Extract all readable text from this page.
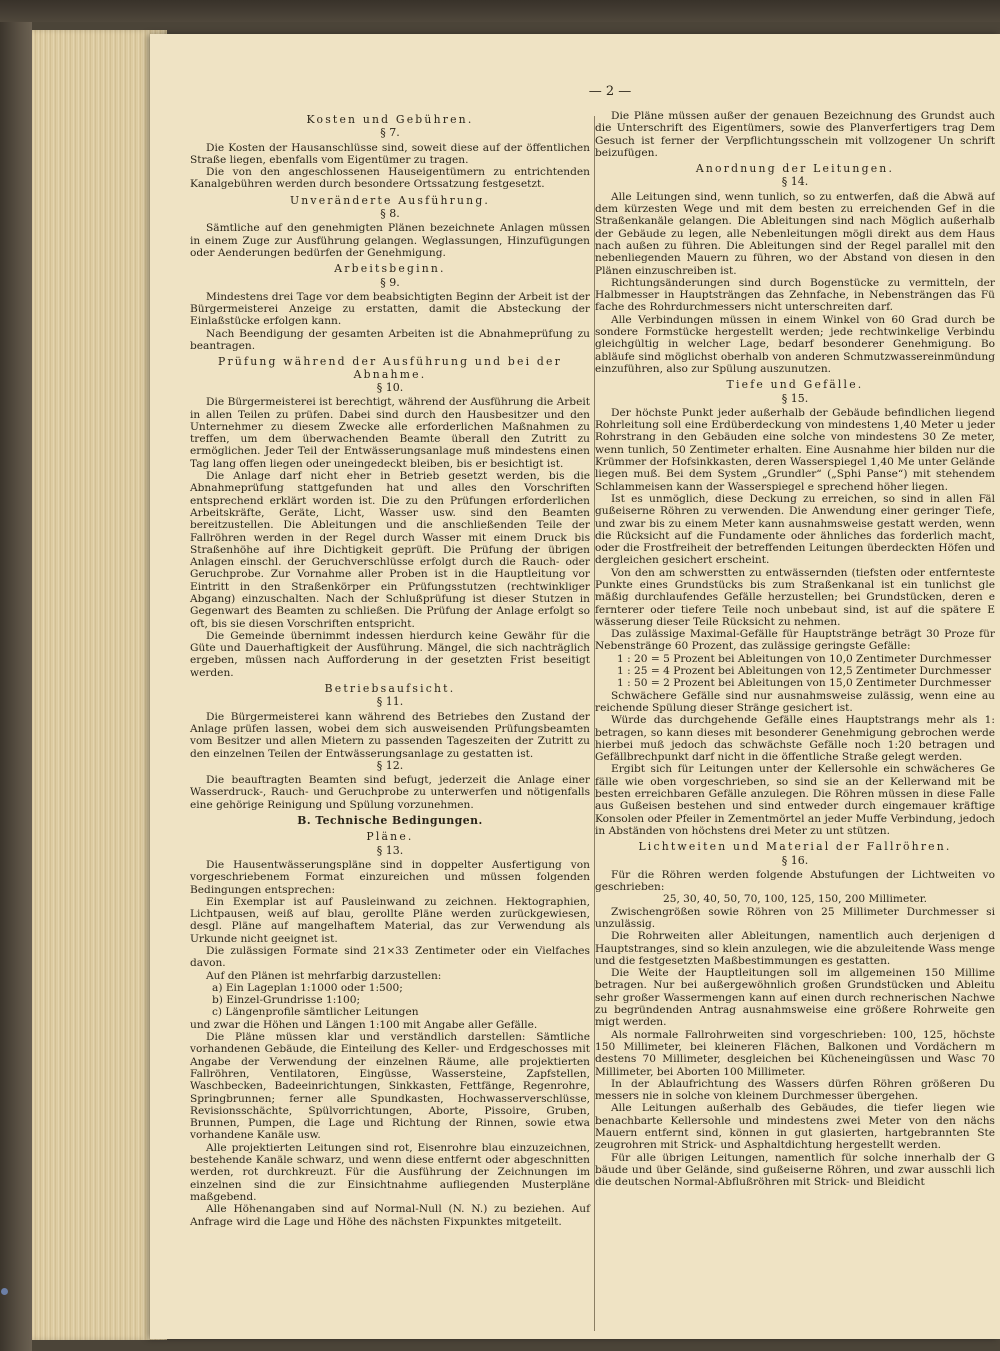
— 2 —
Kosten und Gebühren.
§ 7.

Die Kosten der Hausanschlüsse sind, soweit diese auf der öffentlichen Straße liegen, ebenfalls vom Eigentümer zu tragen.

Die von den angeschlossenen Hauseigentümern zu entrichtenden Kanalgebühren werden durch besondere Ortssatzung festgesetzt.

Unveränderte Ausführung.
§ 8.

Sämtliche auf den genehmigten Plänen bezeichnete Anlagen müssen in einem Zuge zur Ausführung gelangen. Weglassungen, Hinzufügungen oder Aenderungen bedürfen der Genehmigung.

Arbeitsbeginn.
§ 9.

Mindestens drei Tage vor dem beabsichtigten Beginn der Arbeit ist der Bürgermeisterei Anzeige zu erstatten, damit die Absteckung der Einlaßstücke erfolgen kann.

Nach Beendigung der gesamten Arbeiten ist die Abnahmeprüfung zu beantragen.

Prüfung während der Ausführung und bei der Abnahme.
§ 10.

Die Bürgermeisterei ist berechtigt, während der Ausführung die Arbeit in allen Teilen zu prüfen. Dabei sind durch den Hausbesitzer und den Unternehmer zu diesem Zwecke alle erforderlichen Maßnahmen zu treffen, um dem überwachenden Beamte überall den Zutritt zu ermöglichen. Jeder Teil der Entwässerungsanlage muß mindestens einen Tag lang offen liegen oder uneingedeckt bleiben, bis er besichtigt ist.

Die Anlage darf nicht eher in Betrieb gesetzt werden, bis die Abnahmeprüfung stattgefunden hat und alles den Vorschriften entsprechend erklärt worden ist. Die zu den Prüfungen erforderlichen Arbeitskräfte, Geräte, Licht, Wasser usw. sind den Beamten bereitzustellen. Die Ableitungen und die anschließenden Teile der Fallröhren werden in der Regel durch Wasser mit einem Druck bis Straßenhöhe auf ihre Dichtigkeit geprüft. Die Prüfung der übrigen Anlagen einschl. der Geruchverschlüsse erfolgt durch die Rauch- oder Geruchprobe. Zur Vornahme aller Proben ist in die Hauptleitung vor Eintritt in den Straßenkörper ein Prüfungsstutzen (rechtwinkliger Abgang) einzuschalten. Nach der Schlußprüfung ist dieser Stutzen in Gegenwart des Beamten zu schließen. Die Prüfung der Anlage erfolgt so oft, bis sie diesen Vorschriften entspricht.

Die Gemeinde übernimmt indessen hierdurch keine Gewähr für die Güte und Dauerhaftigkeit der Ausführung. Mängel, die sich nachträglich ergeben, müssen nach Aufforderung in der gesetzten Frist beseitigt werden.

Betriebsaufsicht.
§ 11.

Die Bürgermeisterei kann während des Betriebes den Zustand der Anlage prüfen lassen, wobei dem sich ausweisenden Prüfungsbeamten vom Besitzer und allen Mietern zu passenden Tageszeiten der Zutritt zu den einzelnen Teilen der Entwässerungsanlage zu gestatten ist.

§ 12.

Die beauftragten Beamten sind befugt, jederzeit die Anlage einer Wasserdruck-, Rauch- und Geruchprobe zu unterwerfen und nötigenfalls eine gehörige Reinigung und Spülung vorzunehmen.

B. Technische Bedingungen.
Pläne.
§ 13.

Die Hausentwässerungspläne sind in doppelter Ausfertigung von vorgeschriebenem Format einzureichen und müssen folgenden Bedingungen entsprechen:

Ein Exemplar ist auf Pausleinwand zu zeichnen. Hektographien, Lichtpausen, weiß auf blau, gerollte Pläne werden zurückgewiesen, desgl. Pläne auf mangelhaftem Material, das zur Verwendung als Urkunde nicht geeignet ist.

Die zulässigen Formate sind 21×33 Zentimeter oder ein Vielfaches davon.

Auf den Plänen ist mehrfarbig darzustellen:

a) Ein Lageplan 1:1000 oder 1:500;

b) Einzel-Grundrisse 1:100;

c) Längenprofile sämtlicher Leitungen

und zwar die Höhen und Längen 1:100 mit Angabe aller Gefälle.

Die Pläne müssen klar und verständlich darstellen: Sämtliche vorhandenen Gebäude, die Einteilung des Keller- und Erdgeschosses mit Angabe der Verwendung der einzelnen Räume, alle projektierten Fallröhren, Ventilatoren, Eingüsse, Wassersteine, Zapfstellen, Waschbecken, Badeeinrichtungen, Sinkkasten, Fettfänge, Regenrohre, Springbrunnen; ferner alle Spundkasten, Hochwasserverschlüsse, Revisionsschächte, Spülvorrichtungen, Aborte, Pissoire, Gruben, Brunnen, Pumpen, die Lage und Richtung der Rinnen, sowie etwa vorhandene Kanäle usw.

Alle projektierten Leitungen sind rot, Eisenrohre blau einzuzeichnen, bestehende Kanäle schwarz, und wenn diese entfernt oder abgeschnitten werden, rot durchkreuzt. Für die Ausführung der Zeichnungen im einzelnen sind die zur Einsichtnahme aufliegenden Musterpläne maßgebend.

Alle Höhenangaben sind auf Normal-Null (N. N.) zu beziehen. Auf Anfrage wird die Lage und Höhe des nächsten Fixpunktes mitgeteilt.

Die Pläne müssen außer der genauen Bezeichnung des Grundst auch die Unterschrift des Eigentümers, sowie des Planverfertigers trag Dem Gesuch ist ferner der Verpflichtungsschein mit vollzogener Un schrift beizufügen.

Anordnung der Leitungen.
§ 14.

Alle Leitungen sind, wenn tunlich, so zu entwerfen, daß die Abwä auf dem kürzesten Wege und mit dem besten zu erreichenden Gef in die Straßenkanäle gelangen. Die Ableitungen sind nach Möglich außerhalb der Gebäude zu legen, alle Nebenleitungen mögli direkt aus dem Haus nach außen zu führen. Die Ableitungen sind der Regel parallel mit den nebenliegenden Mauern zu führen, wo der Abstand von diesen in den Plänen einzuschreiben ist.

Richtungsänderungen sind durch Bogenstücke zu vermitteln, der Halbmesser in Hauptsträngen das Zehnfache, in Nebensträngen das Fü fache des Rohrdurchmessers nicht unterschreiten darf.

Alle Verbindungen müssen in einem Winkel von 60 Grad durch be sondere Formstücke hergestellt werden; jede rechtwinkelige Verbindu gleichgültig in welcher Lage, bedarf besonderer Genehmigung. Bo abläufe sind möglichst oberhalb von anderen Schmutzwassereinmündung einzuführen, also zur Spülung auszunutzen.

Tiefe und Gefälle.
§ 15.

Der höchste Punkt jeder außerhalb der Gebäude befindlichen liegend Rohrleitung soll eine Erdüberdeckung von mindestens 1,40 Meter u jeder Rohrstrang in den Gebäuden eine solche von mindestens 30 Ze meter, wenn tunlich, 50 Zentimeter erhalten. Eine Ausnahme hier bilden nur die Krümmer der Hofsinkkasten, deren Wasserspiegel 1,40 Me unter Gelände liegen muß. Bei dem System „Grundler“ („Sphi Panse“) mit stehendem Schlammeisen kann der Wasserspiegel e sprechend höher liegen.

Ist es unmöglich, diese Deckung zu erreichen, so sind in allen Fäl gußeiserne Röhren zu verwenden. Die Anwendung einer geringer Tiefe, und zwar bis zu einem Meter kann ausnahmsweise gestatt werden, wenn die Rücksicht auf die Fundamente oder ähnliches das forderlich macht, oder die Frostfreiheit der betreffenden Leitungen überdeckten Höfen und dergleichen gesichert erscheint.

Von den am schwerstten zu entwässernden (tiefsten oder entfernteste Punkte eines Grundstücks bis zum Straßenkanal ist ein tunlichst gle mäßig durchlaufendes Gefälle herzustellen; bei Grundstücken, deren e fernterer oder tiefere Teile noch unbebaut sind, ist auf die spätere E wässerung dieser Teile Rücksicht zu nehmen.

Das zulässige Maximal-Gefälle für Hauptstränge beträgt 30 Proze für Nebenstränge 60 Prozent, das zulässige geringste Gefälle:

1 : 20 = 5 Prozent bei Ableitungen von 10,0 Zentimeter Durchmesser

1 : 25 = 4 Prozent bei Ableitungen von 12,5 Zentimeter Durchmesser

1 : 50 = 2 Prozent bei Ableitungen von 15,0 Zentimeter Durchmesser

Schwächere Gefälle sind nur ausnahmsweise zulässig, wenn eine au reichende Spülung dieser Stränge gesichert ist.

Würde das durchgehende Gefälle eines Hauptstrangs mehr als 1: betragen, so kann dieses mit besonderer Genehmigung gebrochen werde hierbei muß jedoch das schwächste Gefälle noch 1:20 betragen und Gefällbrechpunkt darf nicht in die öffentliche Straße gelegt werden.

Ergibt sich für Leitungen unter der Kellersohle ein schwächeres Ge fälle wie oben vorgeschrieben, so sind sie an der Kellerwand mit be besten erreichbaren Gefälle anzulegen. Die Röhren müssen in diese Falle aus Gußeisen bestehen und sind entweder durch eingemauer kräftige Konsolen oder Pfeiler in Zementmörtel an jeder Muffe Verbindung, jedoch in Abständen von höchstens drei Meter zu unt stützen.

Lichtweiten und Material der Fallröhren.
§ 16.

Für die Röhren werden folgende Abstufungen der Lichtweiten vo geschrieben:

25, 30, 40, 50, 70, 100, 125, 150, 200 Millimeter.

Zwischengrößen sowie Röhren von 25 Millimeter Durchmesser si unzulässig.

Die Rohrweiten aller Ableitungen, namentlich auch derjenigen d Hauptstranges, sind so klein anzulegen, wie die abzuleitende Wass menge und die festgesetzten Maßbestimmungen es gestatten.

Die Weite der Hauptleitungen soll im allgemeinen 150 Millime betragen. Nur bei außergewöhnlich großen Grundstücken und Ableitu sehr großer Wassermengen kann auf einen durch rechnerischen Nachwe zu begründenden Antrag ausnahmsweise eine größere Rohrweite gen migt werden.

Als normale Fallrohrweiten sind vorgeschrieben: 100, 125, höchste 150 Millimeter, bei kleineren Flächen, Balkonen und Vordächern m destens 70 Millimeter, desgleichen bei Kücheneingüssen und Wasc 70 Millimeter, bei Aborten 100 Millimeter.

In der Ablaufrichtung des Wassers dürfen Röhren größeren Du messers nie in solche von kleinem Durchmesser übergehen.

Alle Leitungen außerhalb des Gebäudes, die tiefer liegen wie benachbarte Kellersohle und mindestens zwei Meter von den nächs Mauern entfernt sind, können in gut glasierten, hartgebrannten Ste zeugrohren mit Strick- und Asphaltdichtung hergestellt werden.

Für alle übrigen Leitungen, namentlich für solche innerhalb der G bäude und über Gelände, sind gußeiserne Röhren, und zwar ausschli lich die deutschen Normal-Abflußröhren mit Strick- und Bleidicht
